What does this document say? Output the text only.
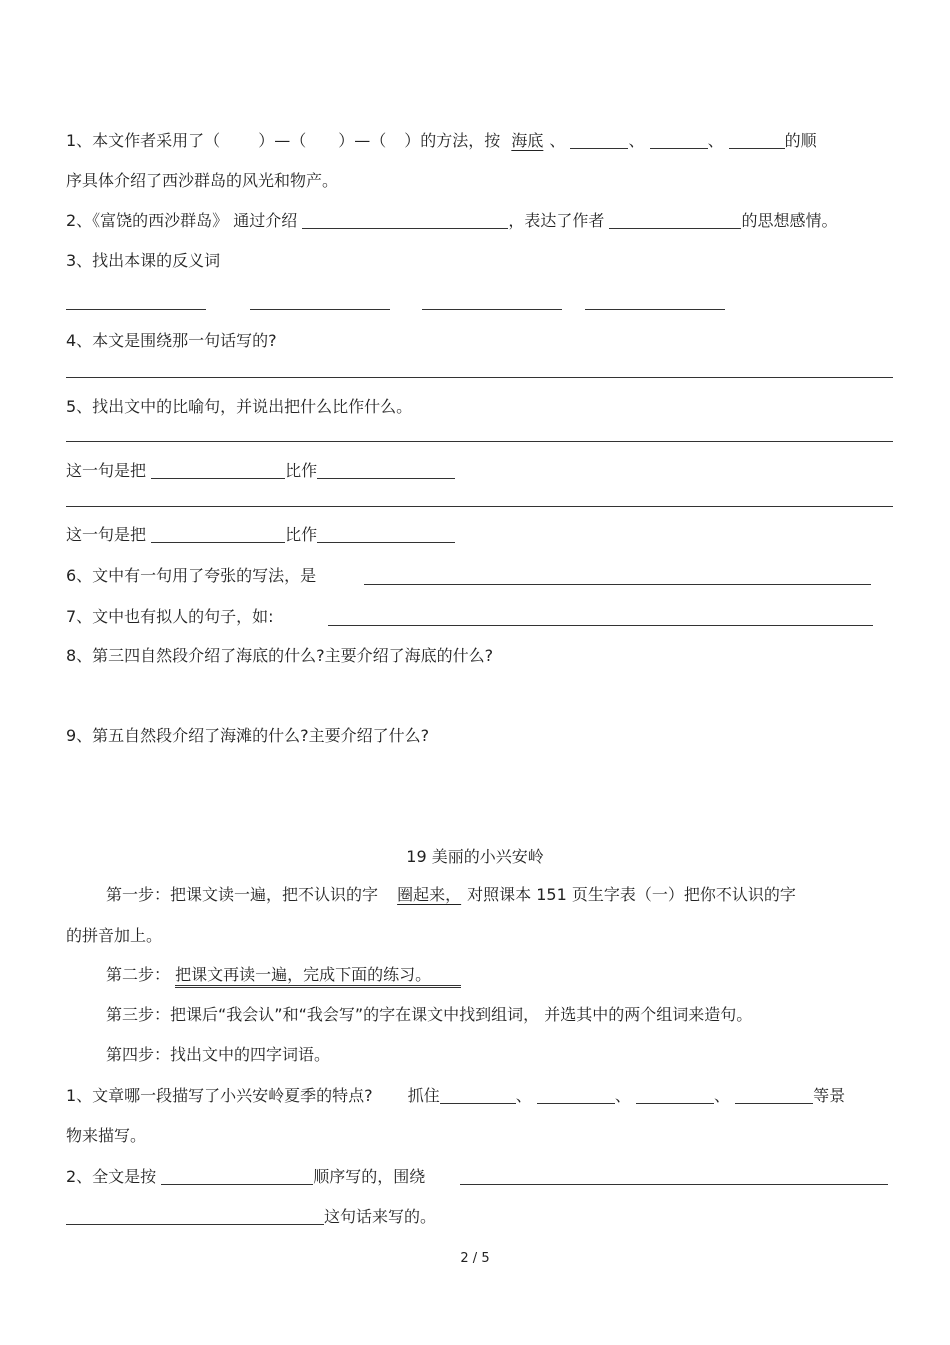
1、本文作者采用了（ ）—（ ）—（ ）的方法，按 海底 、	、	、	的顺
序具体介绍了西沙群岛的风光和物产。
2、《富饶的西沙群岛》 通过介绍	，表达了作者	的思想感情。
3、找出本课的反义词
4、本文是围绕那一句话写的?
5、找出文中的比喻句，并说出把什么比作什么。
这一句是把	比作
这一句是把	比作
6、文中有一句用了夸张的写法，是
7、文中也有拟人的句子，如:
8、第三四自然段介绍了海底的什么?主要介绍了海底的什么?
9、第五自然段介绍了海滩的什么?主要介绍了什么?
19 美丽的小兴安岭
第一步：把课文读一遍，把不认识的字 圈起来， 对照课本 151 页生字表（一）把你不认识的字
的拼音加上。
第二步： 把课文再读一遍，完成下面的练习。
第三步：把课后“我会认”和“我会写”的字在课文中找到组词， 并选其中的两个组词来造句。
第四步：找出文中的四字词语。
1、文章哪一段描写了小兴安岭夏季的特点? 抓住	、	、	、	等景
物来描写。
2、全文是按	顺序写的，围绕
这句话来写的。
2 / 5
